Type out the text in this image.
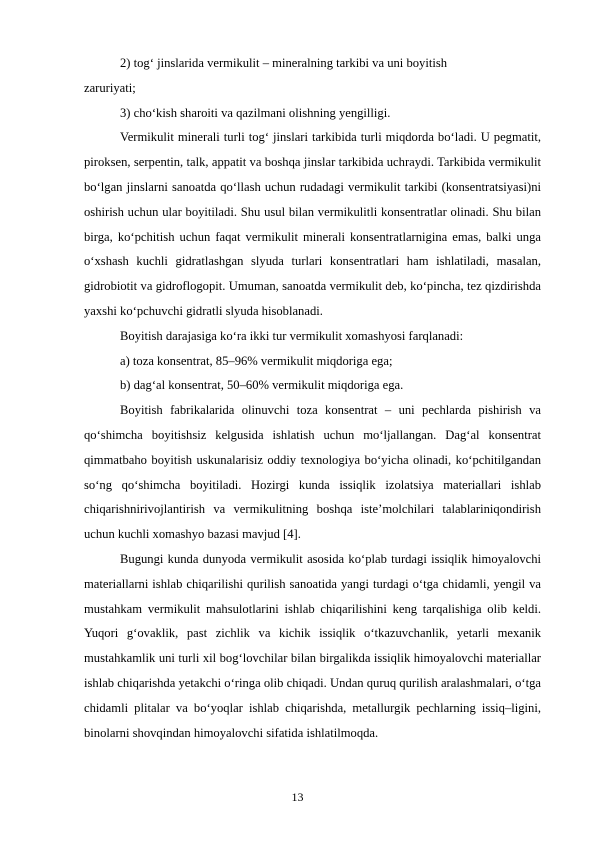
2) tog‘ jinslarida vermikulit – mineralning tarkibi va uni boyitish

zaruriyati;

3) cho‘kish sharoiti va qazilmani olishning yengilligi.

Vermikulit minerali turli tog‘ jinslari tarkibida turli miqdorda bo‘ladi. U pegmatit, piroksen, serpentin, talk, appatit va boshqa jinslar tarkibida uchraydi. Tarkibida vermikulit bo‘lgan jinslarni sanoatda qo‘llash uchun rudadagi vermikulit tarkibi (konsentratsiyasi)ni oshirish uchun ular boyitiladi. Shu usul bilan vermikulitli konsentratlar olinadi. Shu bilan birga, ko‘pchitish uchun faqat vermikulit minerali konsentratlarnigina emas, balki unga o‘xshash kuchli gidratlashgan slyuda turlari konsentratlari ham ishlatiladi, masalan, gidrobiotit va gidroflogopit. Umuman, sanoatda vermikulit deb, ko‘pincha, tez qizdirishda yaxshi ko‘pchuvchi gidratli slyuda hisoblanadi.

Boyitish darajasiga ko‘ra ikki tur vermikulit xomashyosi farqlanadi:

a) toza konsentrat, 85–96% vermikulit miqdoriga ega;

b) dag‘al konsentrat, 50–60% vermikulit miqdoriga ega.

Boyitish fabrikalarida olinuvchi toza konsentrat – uni pechlarda pishirish va qo‘shimcha boyitishsiz kelgusida ishlatish uchun mo‘ljallangan. Dag‘al konsentrat qimmatbaho boyitish uskunalarisiz oddiy texnologiya bo‘yicha olinadi, ko‘pchitilgandan so‘ng qo‘shimcha boyitiladi. Hozirgi kunda issiqlik izolatsiya materiallari ishlab chiqarishnirivojlantirish va vermikulitning boshqa iste’molchilari talablariniqondirish uchun kuchli xomashyo bazasi mavjud [4].

Bugungi kunda dunyoda vermikulit asosida ko‘plab turdagi issiqlik himoyalovchi materiallarni ishlab chiqarilishi qurilish sanoatida yangi turdagi o‘tga chidamli, yengil va mustahkam vermikulit mahsulotlarini ishlab chiqarilishini keng tarqalishiga olib keldi. Yuqori g‘ovaklik, past zichlik va kichik issiqlik o‘tkazuvchanlik, yetarli mexanik mustahkamlik uni turli xil bog‘lovchilar bilan birgalikda issiqlik himoyalovchi materiallar ishlab chiqarishda yetakchi o‘ringa olib chiqadi. Undan quruq qurilish aralashmalari, o‘tga chidamli plitalar va bo‘yoqlar ishlab chiqarishda, metallurgik pechlarning issiq–ligini, binolarni shovqindan himoyalovchi sifatida ishlatilmoqda.

13
